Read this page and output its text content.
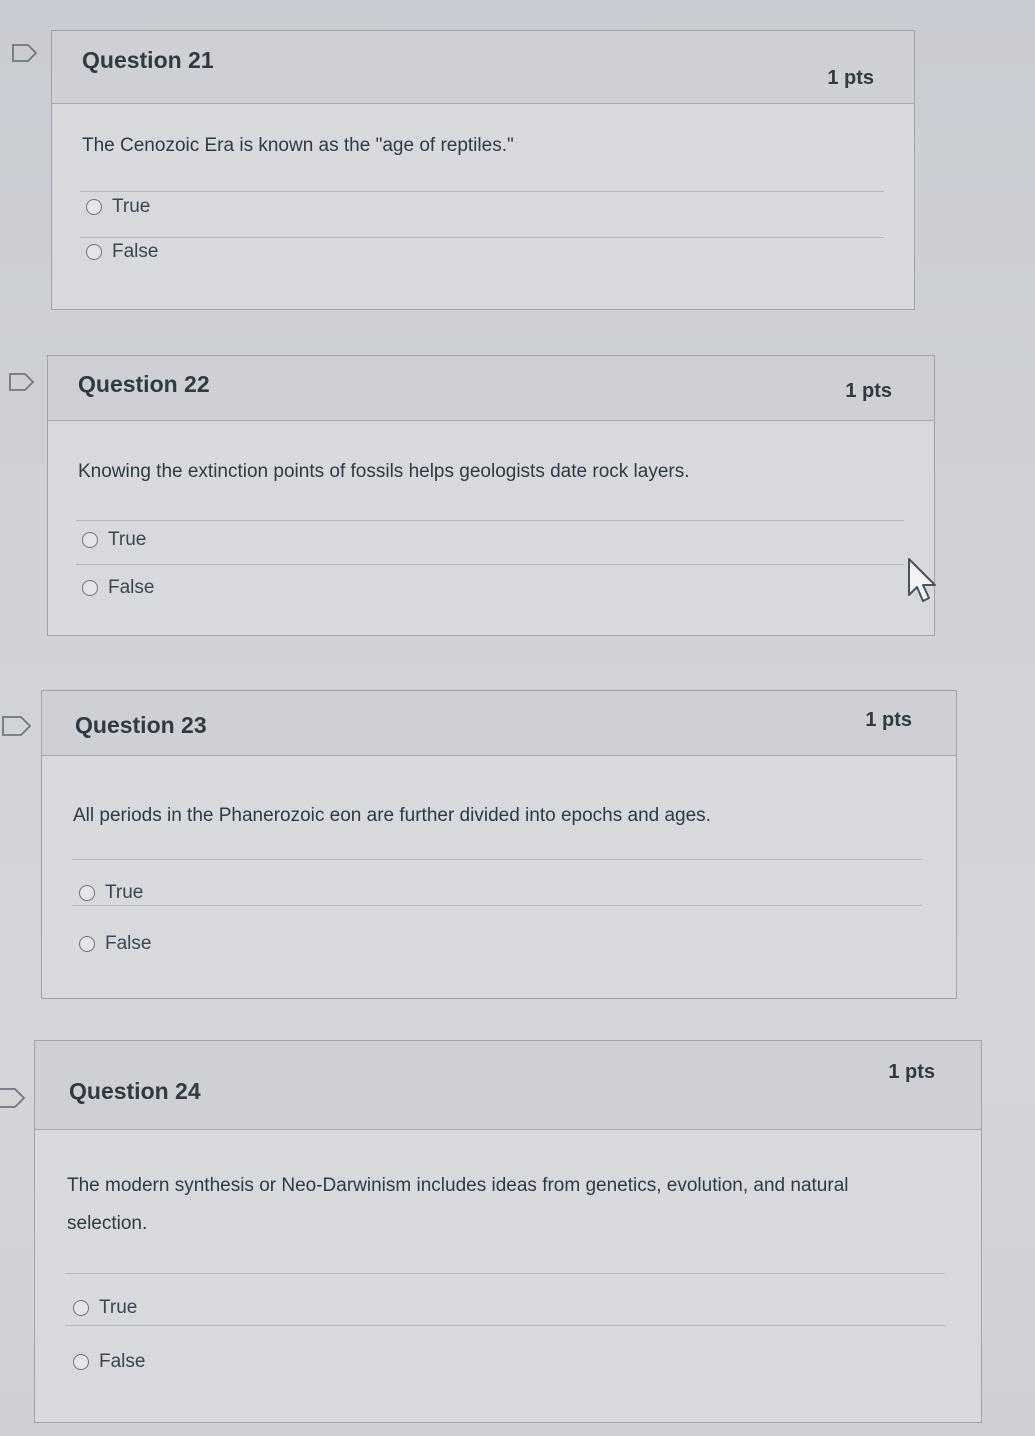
Question 21
1 pts
The Cenozoic Era is known as the "age of reptiles."
True
False
Question 22	1 pts
Knowing the extinction points of fossils helps geologists date rock layers.
True
False
Question 23	1 pts
All periods in the Phanerozoic eon are further divided into epochs and ages.
True
False
Question 24
1 pts
The modern synthesis or Neo-Darwinism includes ideas from genetics, evolution, and natural selection.
True
False
